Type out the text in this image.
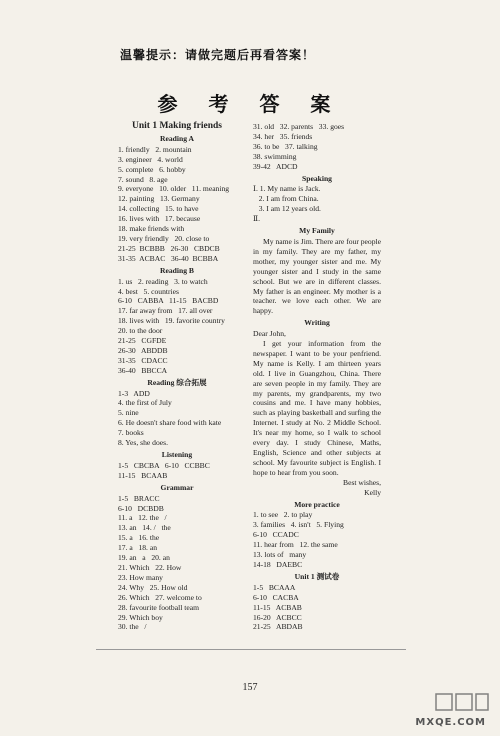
温馨提示：请做完题后再看答案！
参 考 答 案
Unit 1 Making friends
Reading A
1. friendly   2. mountain
3. engineer   4. world
5. complete   6. hobby
7. sound   8. age
9. everyone   10. older   11. meaning
12. painting   13. Germany
14. collecting   15. to have
16. lives with   17. because
18. make friends with
19. very friendly   20. close to
21-25  BCBBB   26-30   CBDCB
31-35  ACBAC   36-40  BCBBA
Reading B
1. us   2. reading   3. to watch
4. best   5. countries
6-10   CABBA   11-15   BACBD
17. far away from   17. all over
18. lives with   19. favorite country
20. to the door
21-25   CGFDE
26-30   ABDDB
31-35   CDACC
36-40   BBCCA
Reading 综合拓展
1-3   ADD
4. the first of July
5. nine
6. He doesn't share food with kate
7. books
8. Yes, she does.
Listening
1-5   CBCBA   6-10   CCBBC
11-15   BCAAB
Grammar
1-5   BRACC
6-10   DCBDB
11. a   12. the   /
13. an   14. /   the
15. a   16. the
17. a   18. an
19. an   a   20. an
21. Which   22. How
23. How many
24. Why   25. How old
26. Which   27. welcome to
28. favourite football team
29. Which boy
30. the   /
31. old   32. parents   33. goes
34. her   35. friends
36. to be   37. talking
38. swimming
39-42   ADCD
Speaking
Ⅰ. 1. My name is Jack.
2. I am from China.
3. I am 12 years old.
Ⅱ.
My Family
My name is Jim. There are four people in my family. They are my father, my mother, my younger sister and me. My younger sister and I study in the same school. But we are in different classes. My father is an engineer. My mother is a teacher. we love each other. We are happy.
Writing
Dear John,
I get your information from the newspaper. I want to be your penfriend. My name is Kelly. I am thirteen years old. I live in Guangzhou, China. There are seven people in my family. They are my parents, my grandparents, my two cousins and me. I have many hobbies, such as playing basketball and surfing the Internet. I study at No. 2 Middle School. It's near my home, so I walk to school every day. I study Chinese, Maths, English, Science and other subjects at school. My favourite subject is English. I hope to hear from you soon.
Best wishes,
Kelly
More practice
1. to see   2. to play
3. families   4. isn't   5. Flying
6-10   CCADC
11. hear from   12. the same
13. lots of   many
14-18   DAEBC
Unit 1 测试卷
1-5   BCAAA
6-10   CACBA
11-15   ACBAB
16-20   ACBCC
21-25   ABDAB
157
MXQE.COM
